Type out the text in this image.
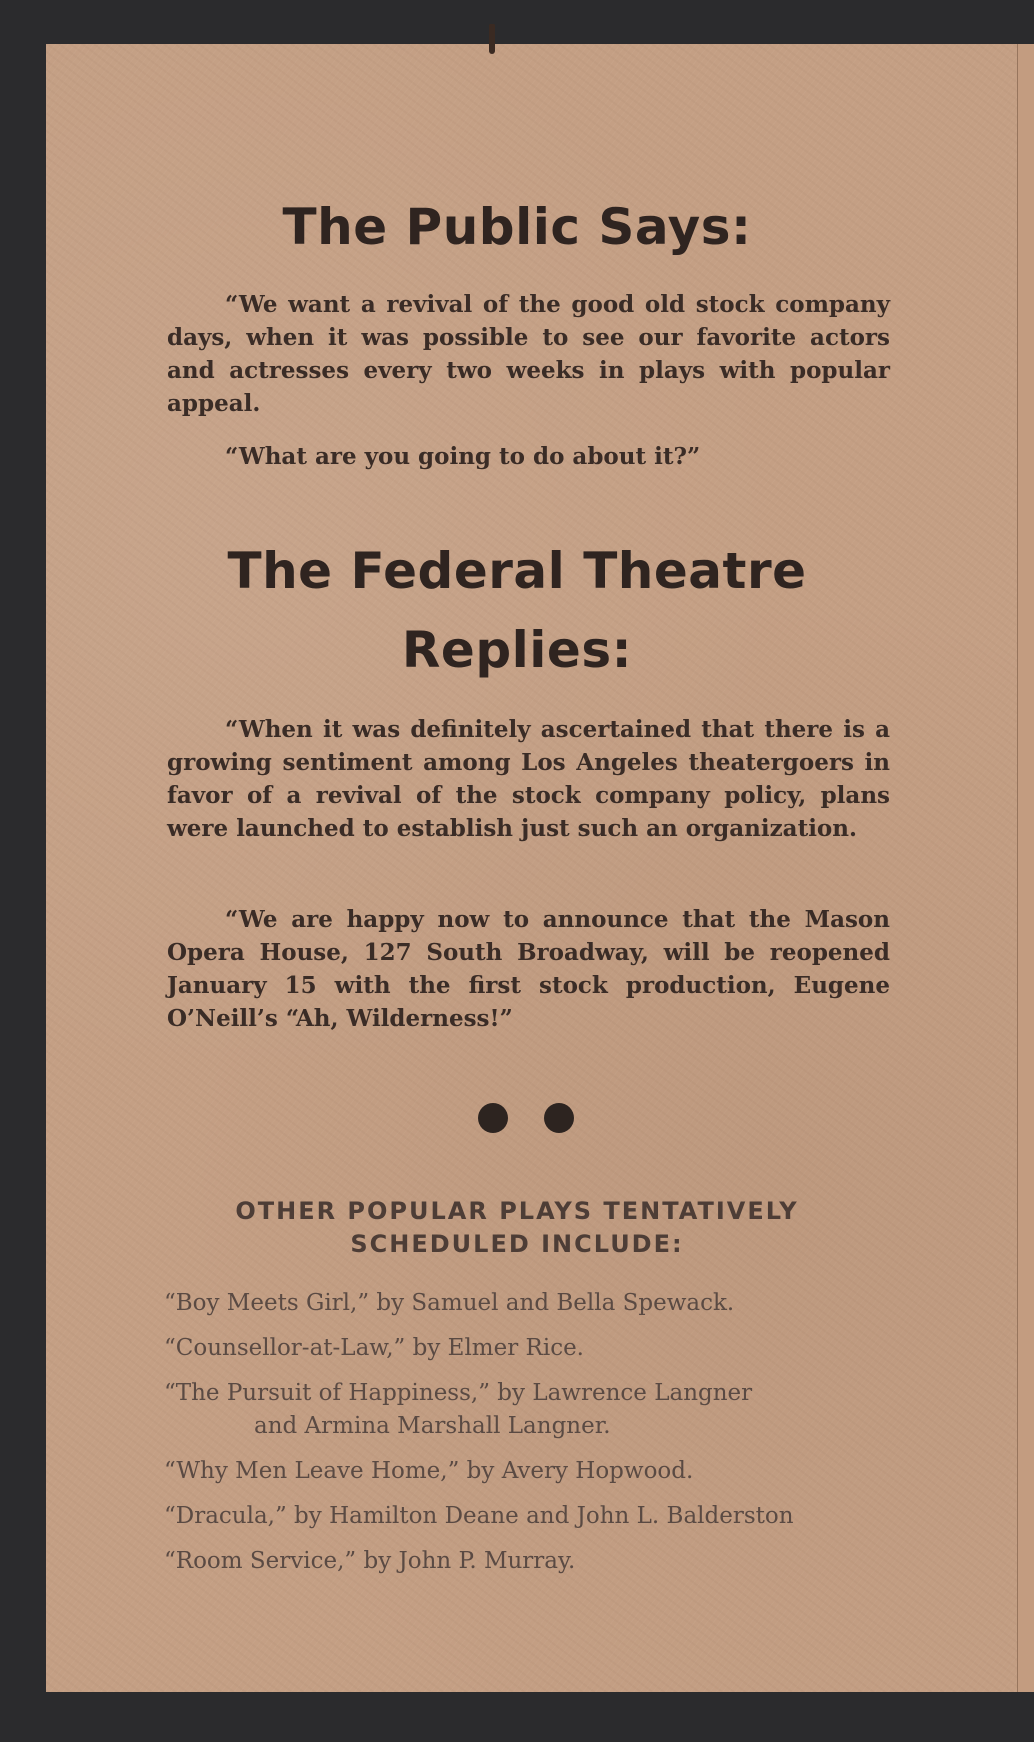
The Public Says:

“We want a revival of the good old stock company days, when it was possible to see our favorite actors and actresses every two weeks in plays with popular appeal.

“What are you going to do about it?”

The Federal Theatre
Replies:

“When it was definitely ascertained that there is a growing sentiment among Los Angeles theatergoers in favor of a revival of the stock company policy, plans were launched to establish just such an organization.

“We are happy now to announce that the Mason Opera House, 127 South Broadway, will be reopened January 15 with the first stock production, Eugene O’Neill’s “Ah, Wilderness!”

OTHER POPULAR PLAYS TENTATIVELY
SCHEDULED INCLUDE:
“Boy Meets Girl,” by Samuel and Bella Spewack.
“Counsellor-at-Law,” by Elmer Rice.
“The Pursuit of Happiness,” by Lawrence Langner
and Armina Marshall Langner.
“Why Men Leave Home,” by Avery Hopwood.
“Dracula,” by Hamilton Deane and John L. Balderston
“Room Service,” by John P. Murray.
